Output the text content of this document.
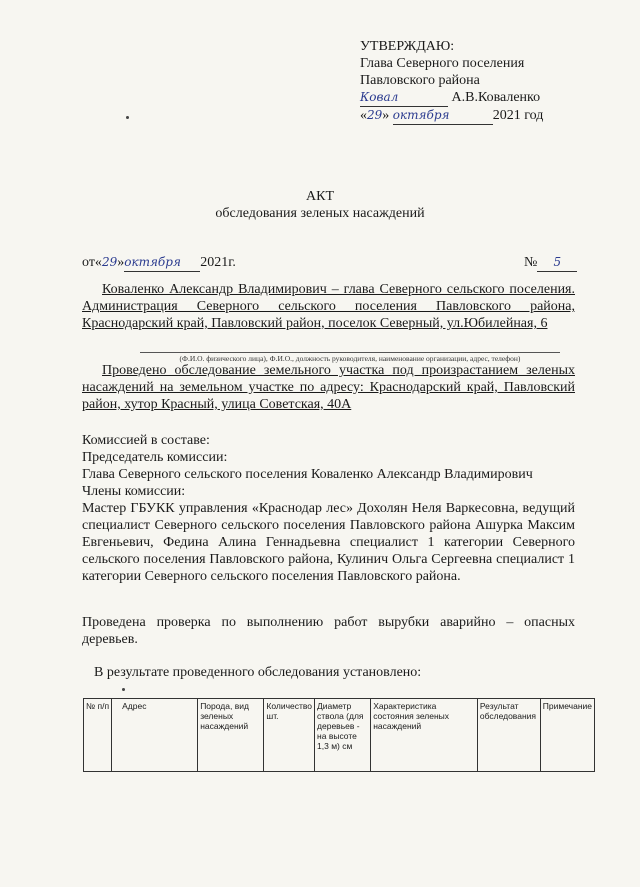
УТВЕРЖДАЮ:
Глава Северного поселения
Павловского района
Ковал	А.В.Коваленко
«29» октября	2021 год
АКТ
обследования зеленых насаждений
от«29»октября 2021г.	№ 5
Коваленко Александр Владимирович – глава Северного сельского поселения. Администрация Северного сельского поселения Павловского района, Краснодарский край, Павловский район, поселок Северный, ул.Юбилейная, 6
(Ф.И.О. физического лица), Ф.И.О., должность руководителя, наименование организации, адрес, телефон)
Проведено обследование земельного участка под произрастанием зеленых насаждений на земельном участке по адресу: Краснодарский край, Павловский район, хутор Красный, улица Советская, 40А
Комиссией в составе:
Председатель комиссии:
Глава Северного сельского поселения Коваленко Александр Владимирович
Члены комиссии:
Мастер ГБУКК управления «Краснодар лес» Дохолян Неля Варкесовна, ведущий специалист Северного сельского поселения Павловского района Ашурка Максим Евгеньевич, Федина Алина Геннадьевна специалист 1 категории Северного сельского поселения Павловского района, Кулинич Ольга Сергеевна специалист 1 категории Северного сельского поселения Павловского района.
Проведена проверка по выполнению работ вырубки аварийно – опасных деревьев.
В результате проведенного обследования установлено:
№ п/п	Адрес	Порода, вид зеленых насаждений	Количество шт.	Диаметр ствола (для деревьев - на высоте 1,3 м) см	Характеристика состояния зеленых насаждений	Результат обследования	Примечание
